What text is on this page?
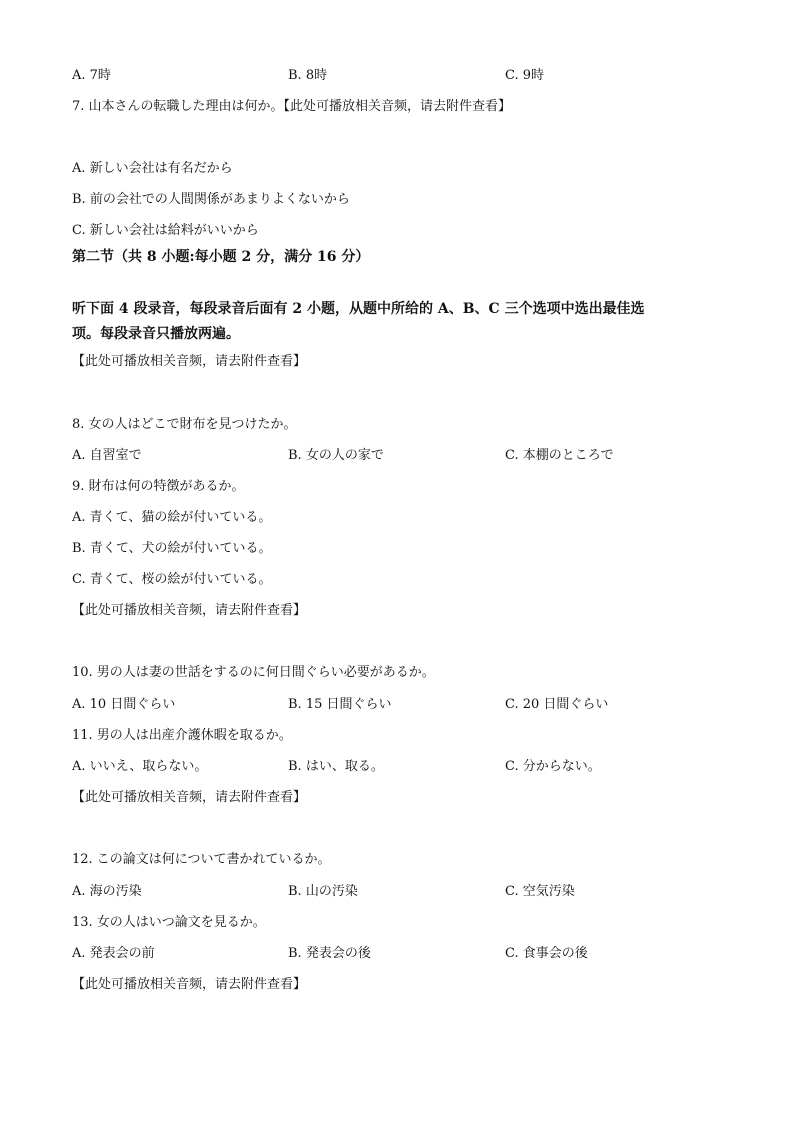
A. 7時	B. 8時	C. 9時
7. 山本さんの転職した理由は何か。【此处可播放相关音频，请去附件查看】
A. 新しい会社は有名だから
B. 前の会社での人間関係があまりよくないから
C. 新しい会社は給料がいいから
第二节（共 8 小题:每小题 2 分，满分 16 分）
听下面 4 段录音，每段录音后面有 2 小题，从题中所给的 A、B、C 三个选项中选出最佳选
项。每段录音只播放两遍。
【此处可播放相关音频，请去附件查看】
8. 女の人はどこで財布を見つけたか。
A. 自習室で	B. 女の人の家で	C. 本棚のところで
9. 財布は何の特徴があるか。
A. 青くて、猫の絵が付いている。
B. 青くて、犬の絵が付いている。
C. 青くて、桜の絵が付いている。
【此处可播放相关音频，请去附件查看】
10. 男の人は妻の世話をするのに何日間ぐらい必要があるか。
A. 10 日間ぐらい	B. 15 日間ぐらい	C. 20 日間ぐらい
11. 男の人は出産介護休暇を取るか。
A. いいえ、取らない。	B. はい、取る。	C. 分からない。
【此处可播放相关音频，请去附件查看】
12. この論文は何について書かれているか。
A. 海の汚染	B. 山の汚染	C. 空気汚染
13. 女の人はいつ論文を見るか。
A. 発表会の前	B. 発表会の後	C. 食事会の後
【此处可播放相关音频，请去附件查看】
